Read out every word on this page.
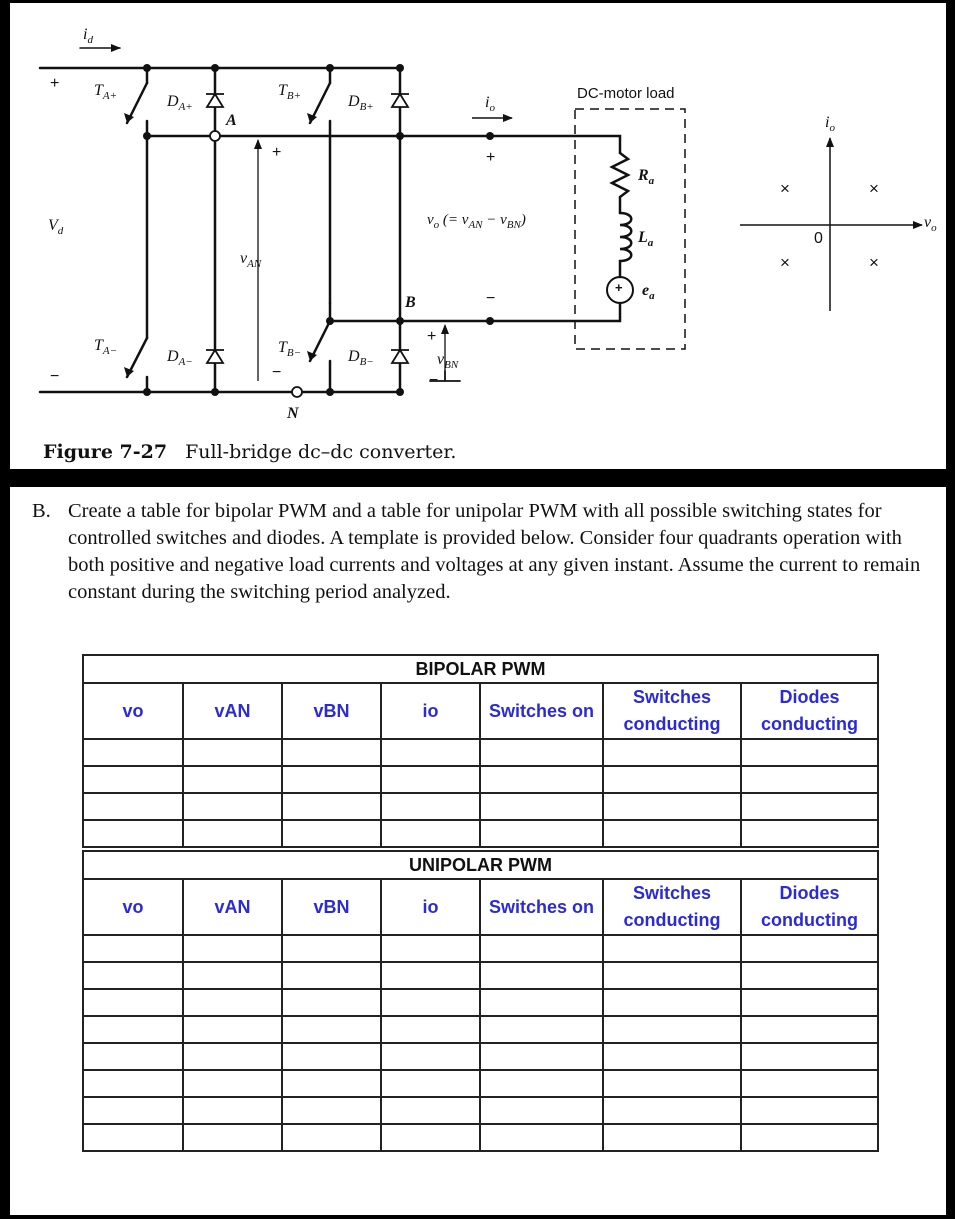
$i_d$
+
−
$V_d$
$T_{A+}$	$D_{A+}$
$T_{B+}$	$D_{B+}$
$T_{A-}$	$D_{A-}$
$T_{B-}$	$D_{B-}$
A
B
N
+
−
$v_{AN}$
+
−
$v_{BN}$
$i_o$
+
−
$v_o$ (= $v_{AN} - v_{BN}$)
DC-motor load
$R_a$
$L_a$
$e_a$
+
$i_o$
$v_o$
0
×	×
×	×
Figure 7-27 Full-bridge dc–dc converter.
B. Create a table for bipolar PWM and a table for unipolar PWM with all possible switching states for controlled switches and diodes. A template is provided below. Consider four quadrants operation with both positive and negative load currents and voltages at any given instant. Assume the current to remain constant during the switching period analyzed.
BIPOLAR PWM						
vo	vAN	vBN	io	Switches on	Switches conducting	Diodes conducting

UNIPOLAR PWM						
vo	vAN	vBN	io	Switches on	Switches conducting	Diodes conducting
